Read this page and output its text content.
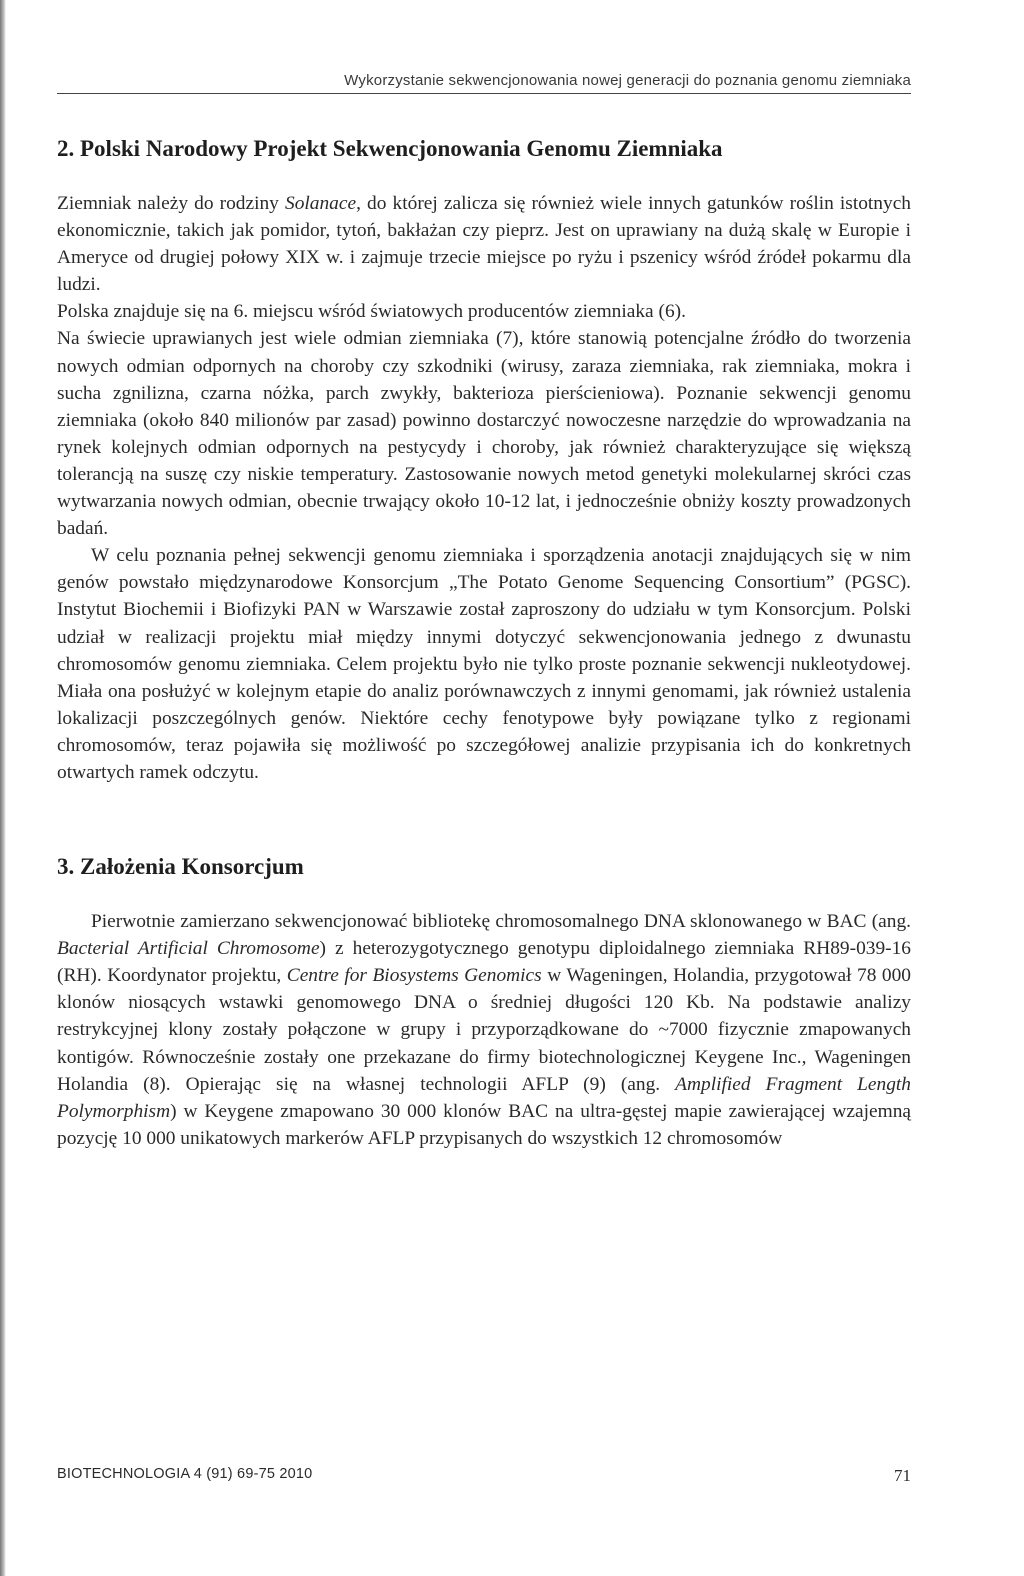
Wykorzystanie sekwencjonowania nowej generacji do poznania genomu ziemniaka
2. Polski Narodowy Projekt Sekwencjonowania Genomu Ziemniaka

Ziemniak należy do rodziny Solanace, do której zalicza się również wiele innych gatunków roślin istotnych ekonomicznie, takich jak pomidor, tytoń, bakłażan czy pieprz. Jest on uprawiany na dużą skalę w Europie i Ameryce od drugiej połowy XIX w. i zajmuje trzecie miejsce po ryżu i pszenicy wśród źródeł pokarmu dla ludzi.

Polska znajduje się na 6. miejscu wśród światowych producentów ziemniaka (6).

Na świecie uprawianych jest wiele odmian ziemniaka (7), które stanowią potencjalne źródło do tworzenia nowych odmian odpornych na choroby czy szkodniki (wirusy, zaraza ziemniaka, rak ziemniaka, mokra i sucha zgnilizna, czarna nóżka, parch zwykły, bakterioza pierścieniowa). Poznanie sekwencji genomu ziemniaka (około 840 milionów par zasad) powinno dostarczyć nowoczesne narzędzie do wprowadzania na rynek kolejnych odmian odpornych na pestycydy i choroby, jak również charakteryzujące się większą tolerancją na suszę czy niskie temperatury. Zastosowanie nowych metod genetyki molekularnej skróci czas wytwarzania nowych odmian, obecnie trwający około 10-12 lat, i jednocześnie obniży koszty prowadzonych badań.

W celu poznania pełnej sekwencji genomu ziemniaka i sporządzenia anotacji znajdujących się w nim genów powstało międzynarodowe Konsorcjum „The Potato Genome Sequencing Consortium” (PGSC). Instytut Biochemii i Biofizyki PAN w Warszawie został zaproszony do udziału w tym Konsorcjum. Polski udział w realizacji projektu miał między innymi dotyczyć sekwencjonowania jednego z dwunastu chromosomów genomu ziemniaka. Celem projektu było nie tylko proste poznanie sekwencji nukleotydowej. Miała ona posłużyć w kolejnym etapie do analiz porównawczych z innymi genomami, jak również ustalenia lokalizacji poszczególnych genów. Niektóre cechy fenotypowe były powiązane tylko z regionami chromosomów, teraz pojawiła się możliwość po szczegółowej analizie przypisania ich do konkretnych otwartych ramek odczytu.

3. Założenia Konsorcjum

Pierwotnie zamierzano sekwencjonować bibliotekę chromosomalnego DNA sklonowanego w BAC (ang. Bacterial Artificial Chromosome) z heterozygotycznego genotypu diploidalnego ziemniaka RH89-039-16 (RH). Koordynator projektu, Centre for Biosystems Genomics w Wageningen, Holandia, przygotował 78 000 klonów niosących wstawki genomowego DNA o średniej długości 120 Kb. Na podstawie analizy restrykcyjnej klony zostały połączone w grupy i przyporządkowane do ~7000 fizycznie zmapowanych kontigów. Równocześnie zostały one przekazane do firmy biotechnologicznej Keygene Inc., Wageningen Holandia (8). Opierając się na własnej technologii AFLP (9) (ang. Amplified Fragment Length Polymorphism) w Keygene zmapowano 30 000 klonów BAC na ultra-gęstej mapie zawierającej wzajemną pozycję 10 000 unikatowych markerów AFLP przypisanych do wszystkich 12 chromosomów

BIOTECHNOLOGIA 4 (91) 69-75 2010	71
